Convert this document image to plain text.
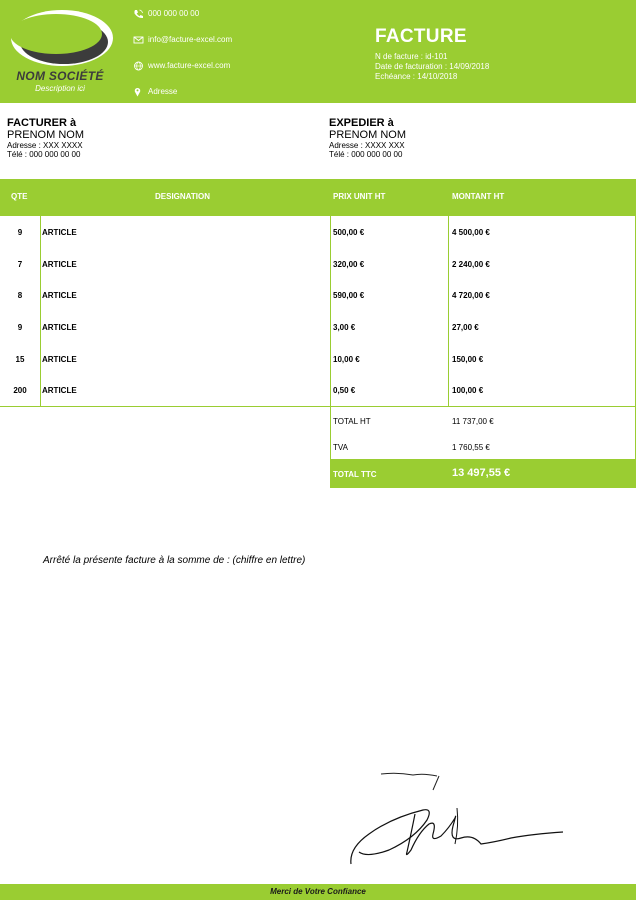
NOM SOCIÉTÉ
Description ici
000 000 00 00
info@facture-excel.com
www.facture-excel.com
Adresse
FACTURE
N de facture : id-101
Date de facturation : 14/09/2018
Echéance : 14/10/2018
FACTURER à
PRENOM NOM
Adresse : XXX XXXX
Télé : 000 000 00 00
EXPEDIER à
PRENOM NOM
Adresse : XXXX XXX
Télé : 000 000 00 00
QTE	DESIGNATION	PRIX UNIT HT	MONTANT HT
9	ARTICLE	500,00 €	4 500,00 €
7	ARTICLE	320,00 €	2 240,00 €
8	ARTICLE	590,00 €	4 720,00 €
9	ARTICLE	3,00 €	27,00 €
15	ARTICLE	10,00 €	150,00 €
200	ARTICLE	0,50 €	100,00 €
TOTAL HT	11 737,00 €
TVA	1 760,55 €
TOTAL TTC	13 497,55 €
Arrêté la présente facture à la somme de : (chiffre en lettre)
Merci de Votre Confiance
